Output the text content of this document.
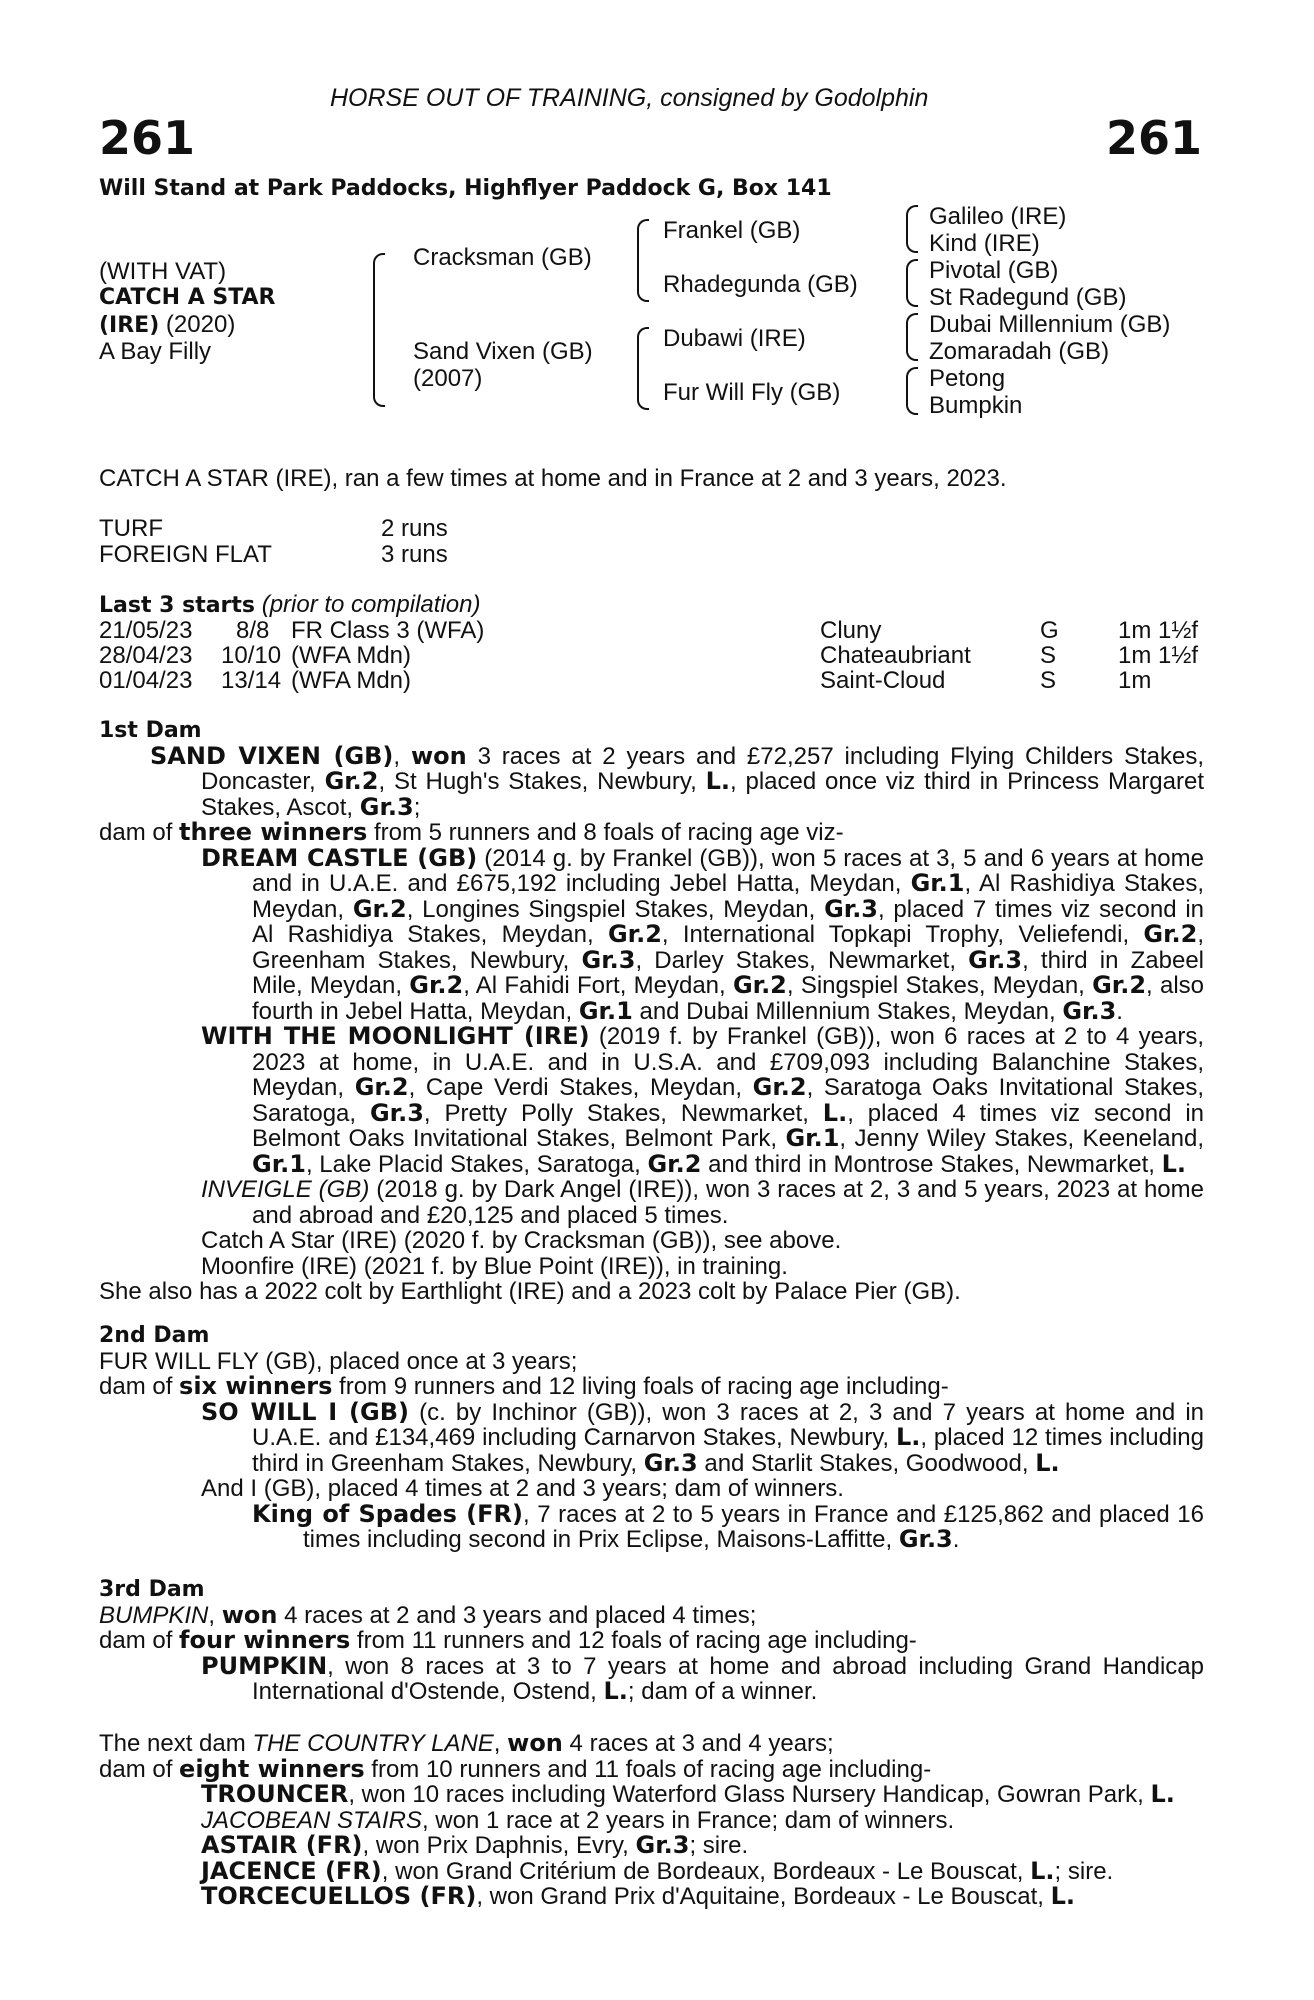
HORSE OUT OF TRAINING, consigned by Godolphin
261	261
Will Stand at Park Paddocks, Highflyer Paddock G, Box 141
(WITH VAT)
CATCH A STAR
(IRE) (2020)
A Bay Filly
Cracksman (GB)
Sand Vixen (GB)
(2007)
Frankel (GB)
Rhadegunda (GB)
Dubawi (IRE)
Fur Will Fly (GB)
Galileo (IRE)
Kind (IRE)
Pivotal (GB)
St Radegund (GB)
Dubai Millennium (GB)
Zomaradah (GB)
Petong
Bumpkin
CATCH A STAR (IRE), ran a few times at home and in France at 2 and 3 years, 2023.
TURF	2 runs
FOREIGN FLAT	3 runs
Last 3 starts (prior to compilation)
21/05/23 8/8 FR Class 3 (WFA)	Cluny	G 1m 1½f
28/04/23 10/10 (WFA Mdn)	Chateaubriant	S	1m 1½f
01/04/23 13/14 (WFA Mdn)	Saint-Cloud	S	1m

1st Dam

SAND VIXEN (GB), won 3 races at 2 years and £72,257 including Flying Childers Stakes, Doncaster, Gr.2, St Hugh's Stakes, Newbury, L., placed once viz third in Princess Margaret Stakes, Ascot, Gr.3;

dam of three winners from 5 runners and 8 foals of racing age viz-

DREAM CASTLE (GB) (2014 g. by Frankel (GB)), won 5 races at 3, 5 and 6 years at home and in U.A.E. and £675,192 including Jebel Hatta, Meydan, Gr.1, Al Rashidiya Stakes, Meydan, Gr.2, Longines Singspiel Stakes, Meydan, Gr.3, placed 7 times viz second in Al Rashidiya Stakes, Meydan, Gr.2, International Topkapi Trophy, Veliefendi, Gr.2, Greenham Stakes, Newbury, Gr.3, Darley Stakes, Newmarket, Gr.3, third in Zabeel Mile, Meydan, Gr.2, Al Fahidi Fort, Meydan, Gr.2, Singspiel Stakes, Meydan, Gr.2, also fourth in Jebel Hatta, Meydan, Gr.1 and Dubai Millennium Stakes, Meydan, Gr.3.

WITH THE MOONLIGHT (IRE) (2019 f. by Frankel (GB)), won 6 races at 2 to 4 years, 2023 at home, in U.A.E. and in U.S.A. and £709,093 including Balanchine Stakes, Meydan, Gr.2, Cape Verdi Stakes, Meydan, Gr.2, Saratoga Oaks Invitational Stakes, Saratoga, Gr.3, Pretty Polly Stakes, Newmarket, L., placed 4 times viz second in Belmont Oaks Invitational Stakes, Belmont Park, Gr.1, Jenny Wiley Stakes, Keeneland, Gr.1, Lake Placid Stakes, Saratoga, Gr.2 and third in Montrose Stakes, Newmarket, L.

INVEIGLE (GB) (2018 g. by Dark Angel (IRE)), won 3 races at 2, 3 and 5 years, 2023 at home and abroad and £20,125 and placed 5 times.

Catch A Star (IRE) (2020 f. by Cracksman (GB)), see above.

Moonfire (IRE) (2021 f. by Blue Point (IRE)), in training.

She also has a 2022 colt by Earthlight (IRE) and a 2023 colt by Palace Pier (GB).

2nd Dam

FUR WILL FLY (GB), placed once at 3 years;

dam of six winners from 9 runners and 12 living foals of racing age including-

SO WILL I (GB) (c. by Inchinor (GB)), won 3 races at 2, 3 and 7 years at home and in U.A.E. and £134,469 including Carnarvon Stakes, Newbury, L., placed 12 times including third in Greenham Stakes, Newbury, Gr.3 and Starlit Stakes, Goodwood, L.

And I (GB), placed 4 times at 2 and 3 years; dam of winners.

King of Spades (FR), 7 races at 2 to 5 years in France and £125,862 and placed 16 times including second in Prix Eclipse, Maisons-Laffitte, Gr.3.

3rd Dam

BUMPKIN, won 4 races at 2 and 3 years and placed 4 times;

dam of four winners from 11 runners and 12 foals of racing age including-

PUMPKIN, won 8 races at 3 to 7 years at home and abroad including Grand Handicap International d'Ostende, Ostend, L.; dam of a winner.

The next dam THE COUNTRY LANE, won 4 races at 3 and 4 years;

dam of eight winners from 10 runners and 11 foals of racing age including-

TROUNCER, won 10 races including Waterford Glass Nursery Handicap, Gowran Park, L.

JACOBEAN STAIRS, won 1 race at 2 years in France; dam of winners.

ASTAIR (FR), won Prix Daphnis, Evry, Gr.3; sire.

JACENCE (FR), won Grand Critérium de Bordeaux, Bordeaux - Le Bouscat, L.; sire.

TORCECUELLOS (FR), won Grand Prix d'Aquitaine, Bordeaux - Le Bouscat, L.
